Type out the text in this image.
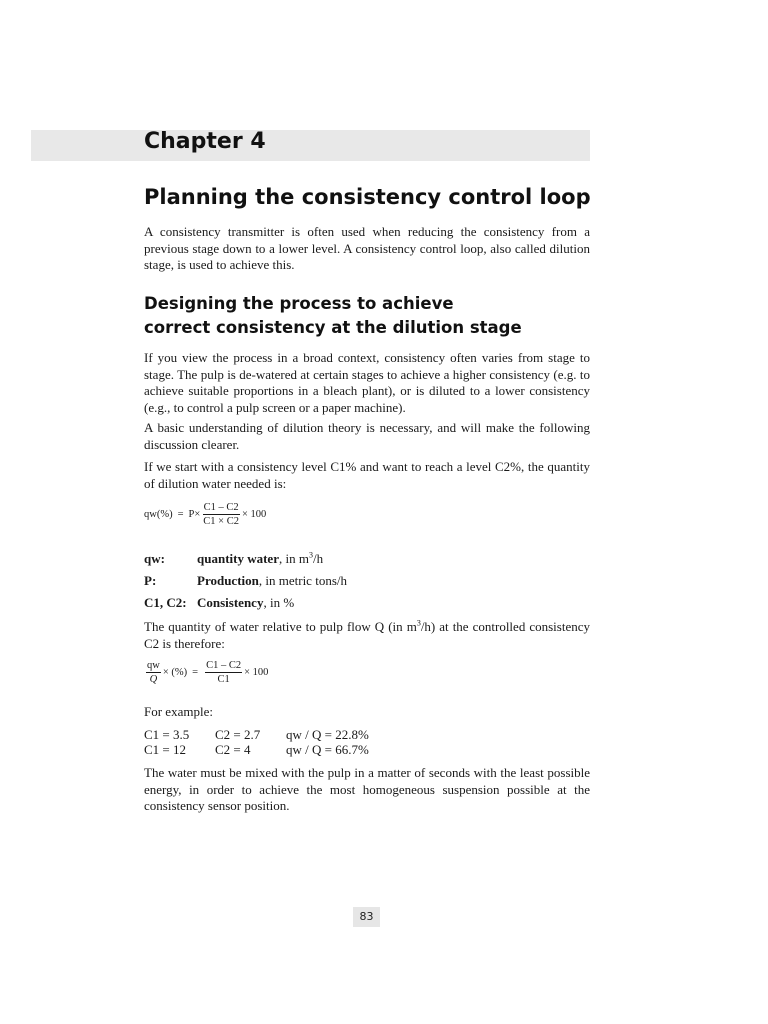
Chapter 4
Planning the consistency control loop

A consistency transmitter is often used when reducing the consistency from a previous stage down to a lower level. A consistency control loop, also called dilution stage, is used to achieve this.

Designing the process to achieve
correct consistency at the dilution stage

If you view the process in a broad context, consistency often varies from stage to stage. The pulp is de-watered at certain stages to achieve a higher consistency (e.g. to achieve suitable proportions in a bleach plant), or is diluted to a lower consistency (e.g., to control a pulp screen or a paper machine).

A basic understanding of dilution theory is necessary, and will make the following discussion clearer.

If we start with a consistency level C1% and want to reach a level C2%, the quantity of dilution water needed is:

$qw(\%) = P \times \frac{C1 - C2}{C1 \times C2} \times 100$
qw: quantity water, in $m^3/h$
P:	Production, in metric tons/h
C1, C2: Consistency, in %

The quantity of water relative to pulp flow Q (in $m^3/h$) at the controlled consistency C2 is therefore:

$\frac{qw}{Q}$ × (%) = $\frac{C1 - C2}{C1} \times 100$

For example:

C1 = 3.5 C2 = 2.7 qw / Q = 22.8%
C1 = 12 C2 = 4	qw / Q = 66.7%

The water must be mixed with the pulp in a matter of seconds with the least possible energy, in order to achieve the most homogeneous suspension possible at the consistency sensor position.

83
